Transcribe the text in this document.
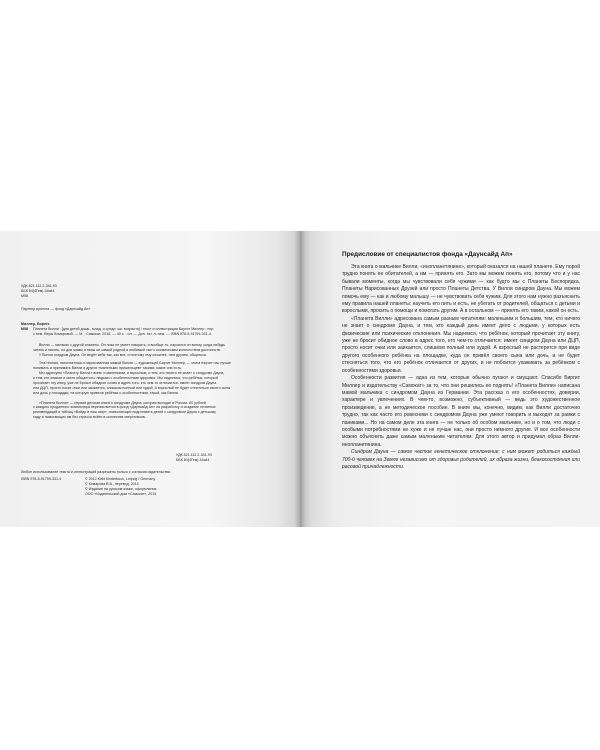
УДК 821.112.2-341-93

ББК 84(4Гем)-44я44

М58

Партнер проекта — фонд «Даунсайд Ап»

Миллер, Биргит.

М58	Планета Вилли : [для детей дошк., млад. и средн. шк. возраста] / текст и иллюстрации Биргит Миллер ; пер.

с нем. Веры Комаровой. — М. : Самокат, 2015. — 40 с. : ил. — Доп. тит. л. нем. — ISBN 978-5-91759-331-4.

Вилли — мальчик с другой планеты. Он пока не умеет говорить, и вообще-то, научился он всему, когда-нибудь

читать и писать, но для мамы и папы он самый родной и любимый сын с космическим количеством достоинств.

У Вилли синдром Дауна. Он ведёт себя так, как все, и поэтому ему сложнее, чем другим, общаться.

Эта тёплая, наполненная и нарисованная мамой Вилли — художницей Биргит Миллер, — книга научит нас лучше

понимать и принимать Вилли и других «маленьких пришельцев» такими, какие они есть.

Мы адресуем «Планету Вилли» всем: и маленьким, и взрослым, и тем, кто ничего не знает о синдроме Дауна,

и тем, кто знаком и часто общается с людьми с особенностями здоровья. Мы надеемся, что ребёнок, который

прочитает эту книгу, уже не бросит обидное слово в адрес того, кто чем-то отличается: имеет синдром Дауна

или ДЦП, просто носит очки или заикается, слишком полный или худой. А взрослый не будет стесняться своего сына

или дочь у площадки, на которую привели ребёнка с особенностями, такой, как Вилли.

«Планета Вилли» — первая детская книга о синдроме Дауна, которая выходит в России. 60 рублей

с каждого проданного экземпляра перечисляется в фонд «Даунсайд Ап» на разработку и создание печатных

рекомендаций и таблиц «Войди в наш мир», позволяющих подготовить детей с синдромом Дауна к детскому

саду и помогающих им без стресса войти в коллектив сверстников.

УДК 821.112.2-341-93

ББК 84(4Гем)-44я44

Любое использование текста и иллюстраций разрешено только с согласия издательства.

ISBN 978-5-91759-331-4	© 2012 Kirkt Kinderbuch, Leipzig / Germany

© Комарова В.В., перевод, 2014

© Издание на русском языке, оформление.

ООО «Издательский дом «Самокат», 2015

Предисловие от специалистов фонда «Даунсайд Ап»

Эта книга о мальчике Вилли, «инопланетянине», который оказался на нашей планете. Ему порой трудно понять ее обитателей, а им — принять его. Зато мы можем понять его, потому что и у нас бывали моменты, когда мы чувствовали себя чужими — как будто мы с Планеты Беспорядка, Планеты Нарисованных Друзей или просто Планеты Детства. У Вилли синдром Дауна. Мы можем помочь ему — как и любому малышу — не чувствовать себя чужим. Для этого нам нужно разъяснить ему правила нашей планеты: научить его пить и есть, не убегать от родителей, общаться с детьми и взрослыми, просить о помощи и помогать другим. А в остальном — принять его таким, какой он есть.

«Планета Вилли» адресована самым разным читателям: маленьким и большим, тем, кто ничего не знает о синдроме Дауна, и тем, кто каждый день имеет дело с людьми, у которых есть физические или психические отклонения. Мы надеемся, что ребёнок, который прочитает эту книгу, уже не бросит обидное слово в адрес того, кто чем-то отличается: имеет синдром Дауна или ДЦП, просто носит очки или заикается, слишком полный или худой. А взрослый не растерется при виде другого особенного ребёнка на площадке, куда он привёл своего сына или дочь, и не будет стесняться того, что его ребёнок отличается от других, и не побоится ухаживать за ребёнком с особенностями здоровья.

Особенности развития — одна из тем, которые обычно пугают и смущают. Спасибо Биргит Миллер и издательству «Самокат» за то, что они решились ее поднять! «Планета Вилли» написана мамой мальчика с синдромом Дауна из Германии. Эта рассказ о его особенностях, доверии, характере и увлечениях. В чем-то, возможно, субъективный — ведь это художественное произведение, а не методическое пособие. В книге мы, конечно, видим, как Вилли достаточно трудно, так как часто его ровесники с синдромом Дауна уже умеют говорить и выходят за рамки с паниками... Но на самом деле эта книга — не только об особом мальчике, но и о том, что люди с особыми потребностями не хуже и не лучше нас, они просто немного другие. И все особенности можно объяснить даже самым маленьким читателям. Для этого автор и придумал образ Вилли-инопланетянина.

Синдром Дауна — самое частое генетическое отклонение: с ним может родиться каждый 700-й человек на Земле независимо от здоровья родителей, их образа жизни, благосостояния или расовой принадлежности.
